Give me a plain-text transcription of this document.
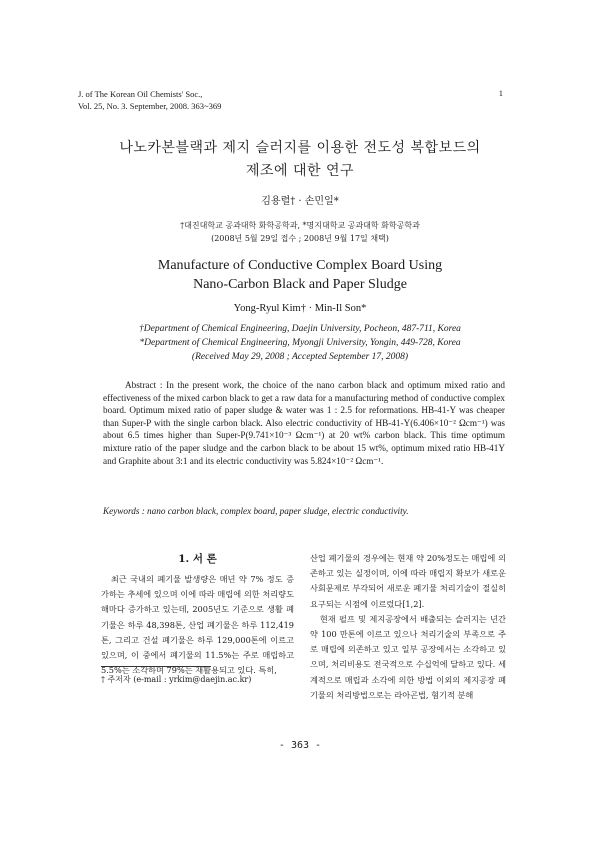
J. of The Korean Oil Chemists' Soc.,
Vol. 25, No. 3. September, 2008. 363~369
1
나노카본블랙과 제지 슬러지를 이용한 전도성 복합보드의
제조에 대한 연구
김용렬† · 손민일*
†대진대학교 공과대학 화학공학과, *명지대학교 공과대학 화학공학과
(2008년 5월 29일 접수 ; 2008년 9월 17일 채택)
Manufacture of Conductive Complex Board Using
Nano-Carbon Black and Paper Sludge
Yong-Ryul Kim† · Min-Il Son*
†Department of Chemical Engineering, Daejin University, Pocheon, 487-711, Korea
*Department of Chemical Engineering, Myongji University, Yongin, 449-728, Korea
(Received May 29, 2008 ; Accepted September 17, 2008)
Abstract : In the present work, the choice of the nano carbon black and optimum mixed ratio and effectiveness of the mixed carbon black to get a raw data for a manufacturing method of conductive complex board. Optimum mixed ratio of paper sludge & water was 1 : 2.5 for reformations. HB-41-Y was cheaper than Super-P with the single carbon black. Also electric conductivity of HB-41-Y(6.406×10⁻² Ωcm⁻¹) was about 6.5 times higher than Super-P(9.741×10⁻³ Ωcm⁻¹) at 20 wt% carbon black. This time optimum mixture ratio of the paper sludge and the carbon black to be about 15 wt%, optimum mixed ratio HB-41Y and Graphite about 3:1 and its electric conductivity was 5.824×10⁻² Ωcm⁻¹.
Keywords : nano carbon black, complex board, paper sludge, electric conductivity.
1. 서 론

최근 국내의 폐기물 발생량은 매년 약 7% 정도 증가하는 추세에 있으며 이에 따라 매립에 의한 처리량도 해마다 증가하고 있는데, 2005년도 기준으로 생활 폐기물은 하루 48,398톤, 산업 폐기물은 하루 112,419톤, 그리고 건설 폐기물은 하루 129,000톤에 이르고 있으며, 이 중에서 폐기물의 11.5%는 주로 매립하고 5.5%는 소각하며 79%는 재활용되고 있다. 특히,

산업 폐기물의 경우에는 현재 약 20%정도는 매립에 의존하고 있는 실정이며, 이에 따라 매립지 확보가 새로운 사회문제로 부각되어 새로운 폐기물 처리기술이 절실히 요구되는 시점에 이르렀다[1,2].

현재 펄프 및 제지공장에서 배출되는 슬러지는 년간 약 100 만톤에 이르고 있으나 처리기술의 부족으로 주로 매립에 의존하고 있고 일부 공장에서는 소각하고 있으며, 처리비용도 전국적으로 수십억에 달하고 있다. 세계적으로 매립과 소각에 의한 방법 이외의 제지공장 폐기물의 처리방법으로는 라아곤법, 혐기적 분해

† 주저자 (e-mail : yrkim@daejin.ac.kr)
- 363 -
